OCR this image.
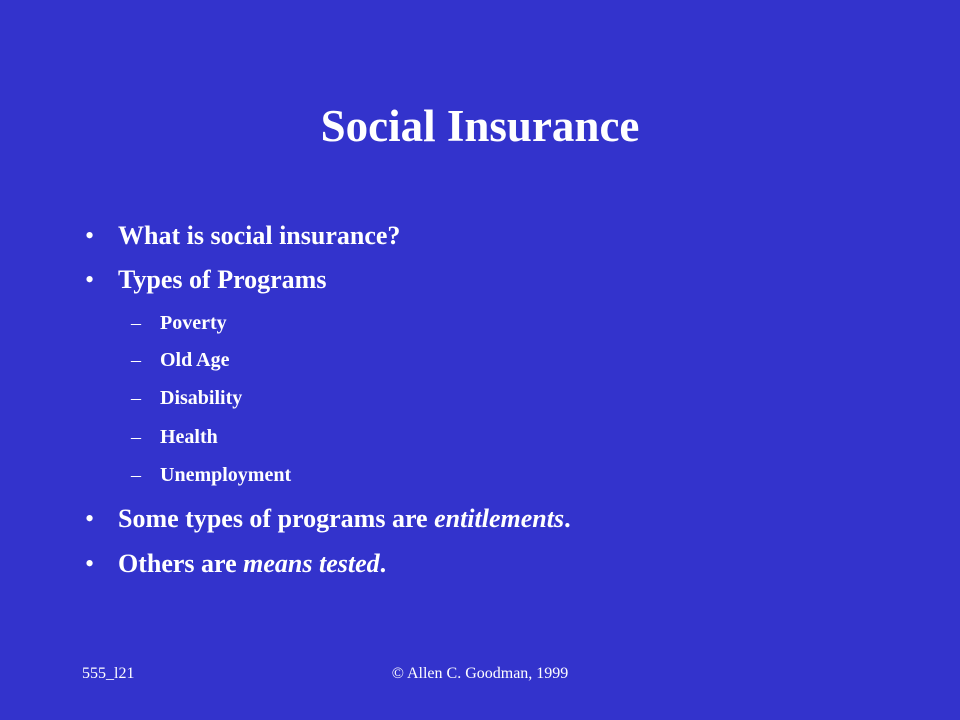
Social Insurance
• What is social insurance?
• Types of Programs
– Poverty
– Old Age
– Disability
– Health
– Unemployment
• Some types of programs are entitlements.
• Others are means tested.
555_l21	© Allen C. Goodman, 1999
